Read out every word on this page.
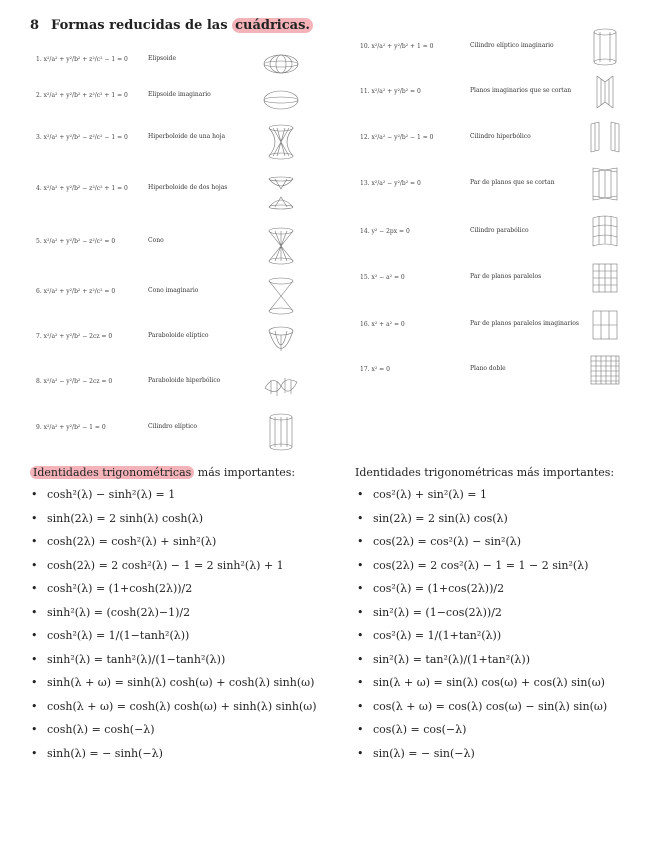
8 Formas reducidas de las cuádricas.
1. x²/a² + y²/b² + z²/c² − 1 = 0	Elipsoide
2. x²/a² + y²/b² + z²/c² + 1 = 0	Elipsoide imaginario
3. x²/a² + y²/b² − z²/c² − 1 = 0	Hiperboloide de una hoja
4. x²/a² + y²/b² − z²/c² + 1 = 0	Hiperboloide de dos hojas
5. x²/a² + y²/b² − z²/c² = 0	Cono
6. x²/a² + y²/b² + z²/c² = 0	Cono imaginario
7. x²/a² + y²/b² − 2cz = 0	Paraboloide elíptico
8. x²/a² − y²/b² − 2cz = 0	Paraboloide hiperbólico
9. x²/a² + y²/b² − 1 = 0	Cilindro elíptico
10. x²/a² + y²/b² + 1 = 0	Cilindro elíptico imaginario
11. x²/a² + y²/b² = 0	Planos imaginarios que se cortan
12. x²/a² − y²/b² − 1 = 0	Cilindro hiperbólico
13. x²/a² − y²/b² = 0	Par de planos que se cortan
14. y² − 2px = 0	Cilindro parabólico
15. x² − a² = 0	Par de planos paralelos
16. x² + a² = 0	Par de planos paralelos imaginarios
17. x² = 0	Plano doble
Identidades trigonométricas más importantes:
• cosh²(λ) − sinh²(λ) = 1
• sinh(2λ) = 2 sinh(λ) cosh(λ)
• cosh(2λ) = cosh²(λ) + sinh²(λ)
• cosh(2λ) = 2 cosh²(λ) − 1 = 2 sinh²(λ) + 1
• cosh²(λ) = (1+cosh(2λ))/2
• sinh²(λ) = (cosh(2λ)−1)/2
• cosh²(λ) = 1/(1−tanh²(λ))
• sinh²(λ) = tanh²(λ)/(1−tanh²(λ))
• sinh(λ + ω) = sinh(λ) cosh(ω) + cosh(λ) sinh(ω)
• cosh(λ + ω) = cosh(λ) cosh(ω) + sinh(λ) sinh(ω)
• cosh(λ) = cosh(−λ)
• sinh(λ) = − sinh(−λ)
Identidades trigonométricas más importantes:
• cos²(λ) + sin²(λ) = 1
• sin(2λ) = 2 sin(λ) cos(λ)
• cos(2λ) = cos²(λ) − sin²(λ)
• cos(2λ) = 2 cos²(λ) − 1 = 1 − 2 sin²(λ)
• cos²(λ) = (1+cos(2λ))/2
• sin²(λ) = (1−cos(2λ))/2
• cos²(λ) = 1/(1+tan²(λ))
• sin²(λ) = tan²(λ)/(1+tan²(λ))
• sin(λ + ω) = sin(λ) cos(ω) + cos(λ) sin(ω)
• cos(λ + ω) = cos(λ) cos(ω) − sin(λ) sin(ω)
• cos(λ) = cos(−λ)
• sin(λ) = − sin(−λ)
